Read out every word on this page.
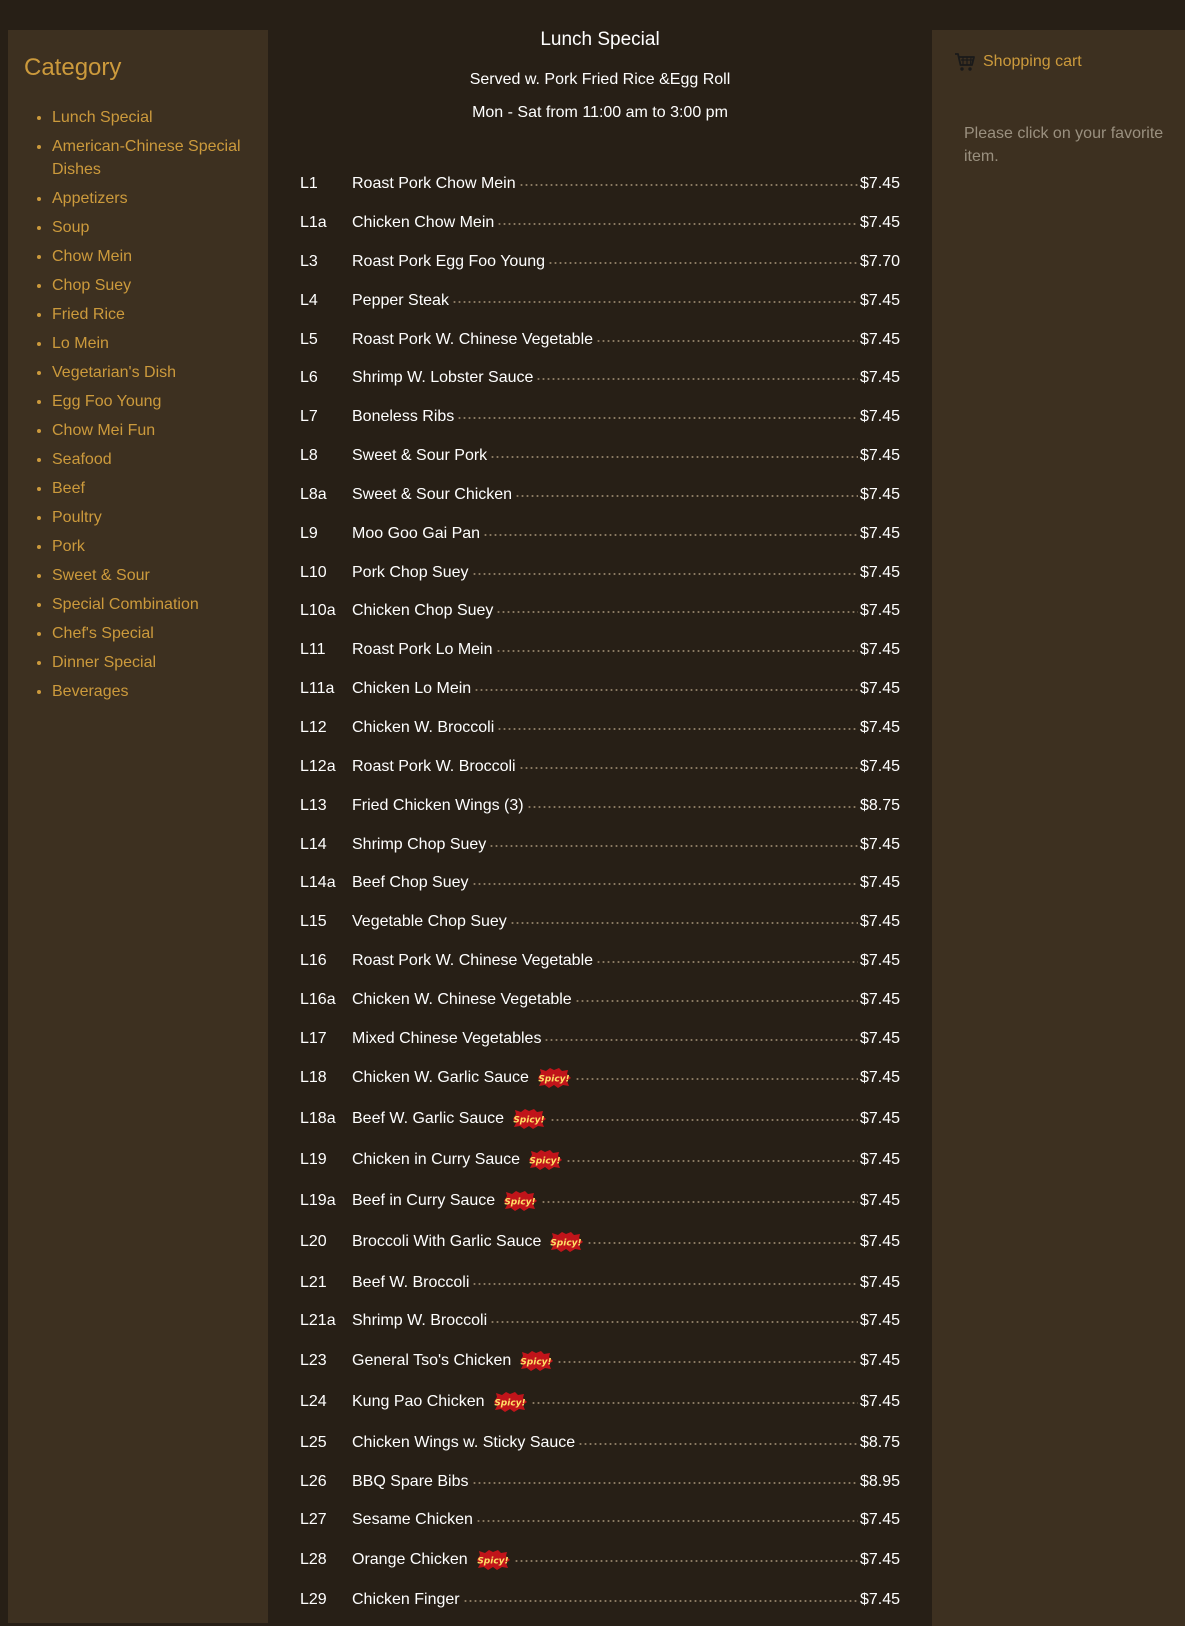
Category
• Lunch Special
• American-Chinese Special Dishes
• Appetizers
• Soup
• Chow Mein
• Chop Suey
• Fried Rice
• Lo Mein
• Vegetarian's Dish
• Egg Foo Young
• Chow Mei Fun
• Seafood
• Beef
• Poultry
• Pork
• Sweet & Sour
• Special Combination
• Chef's Special
• Dinner Special
• Beverages
Lunch Special
Served w. Pork Fried Rice &Egg Roll
Mon - Sat from 11:00 am to 3:00 pm
L1	Roast Pork Chow Mein	$7.45
L1a	Chicken Chow Mein	$7.45
L3	Roast Pork Egg Foo Young	$7.70
L4	Pepper Steak	$7.45
L5	Roast Pork W. Chinese Vegetable	$7.45
L6	Shrimp W. Lobster Sauce	$7.45
L7	Boneless Ribs	$7.45
L8	Sweet & Sour Pork	$7.45
L8a	Sweet & Sour Chicken	$7.45
L9	Moo Goo Gai Pan	$7.45
L10	Pork Chop Suey	$7.45
L10a	Chicken Chop Suey	$7.45
L11	Roast Pork Lo Mein	$7.45
L11a	Chicken Lo Mein	$7.45
L12	Chicken W. Broccoli	$7.45
L12a	Roast Pork W. Broccoli	$7.45
L13	Fried Chicken Wings (3)	$8.75
L14	Shrimp Chop Suey	$7.45
L14a	Beef Chop Suey	$7.45
L15	Vegetable Chop Suey	$7.45
L16	Roast Pork W. Chinese Vegetable	$7.45
L16a	Chicken W. Chinese Vegetable	$7.45
L17	Mixed Chinese Vegetables	$7.45
L18	Chicken W. Garlic Sauce Spicy!	$7.45
L18a	Beef W. Garlic Sauce Spicy!	$7.45
L19	Chicken in Curry Sauce Spicy!	$7.45
L19a	Beef in Curry Sauce Spicy!	$7.45
L20	Broccoli With Garlic Sauce Spicy!	$7.45
L21	Beef W. Broccoli	$7.45
L21a	Shrimp W. Broccoli	$7.45
L23	General Tso's Chicken Spicy!	$7.45
L24	Kung Pao Chicken Spicy!	$7.45
L25	Chicken Wings w. Sticky Sauce	$8.75
L26	BBQ Spare Bibs	$8.95
L27	Sesame Chicken	$7.45
L28	Orange Chicken Spicy!	$7.45
L29	Chicken Finger	$7.45
Shopping cart
Please click on your favorite item.
